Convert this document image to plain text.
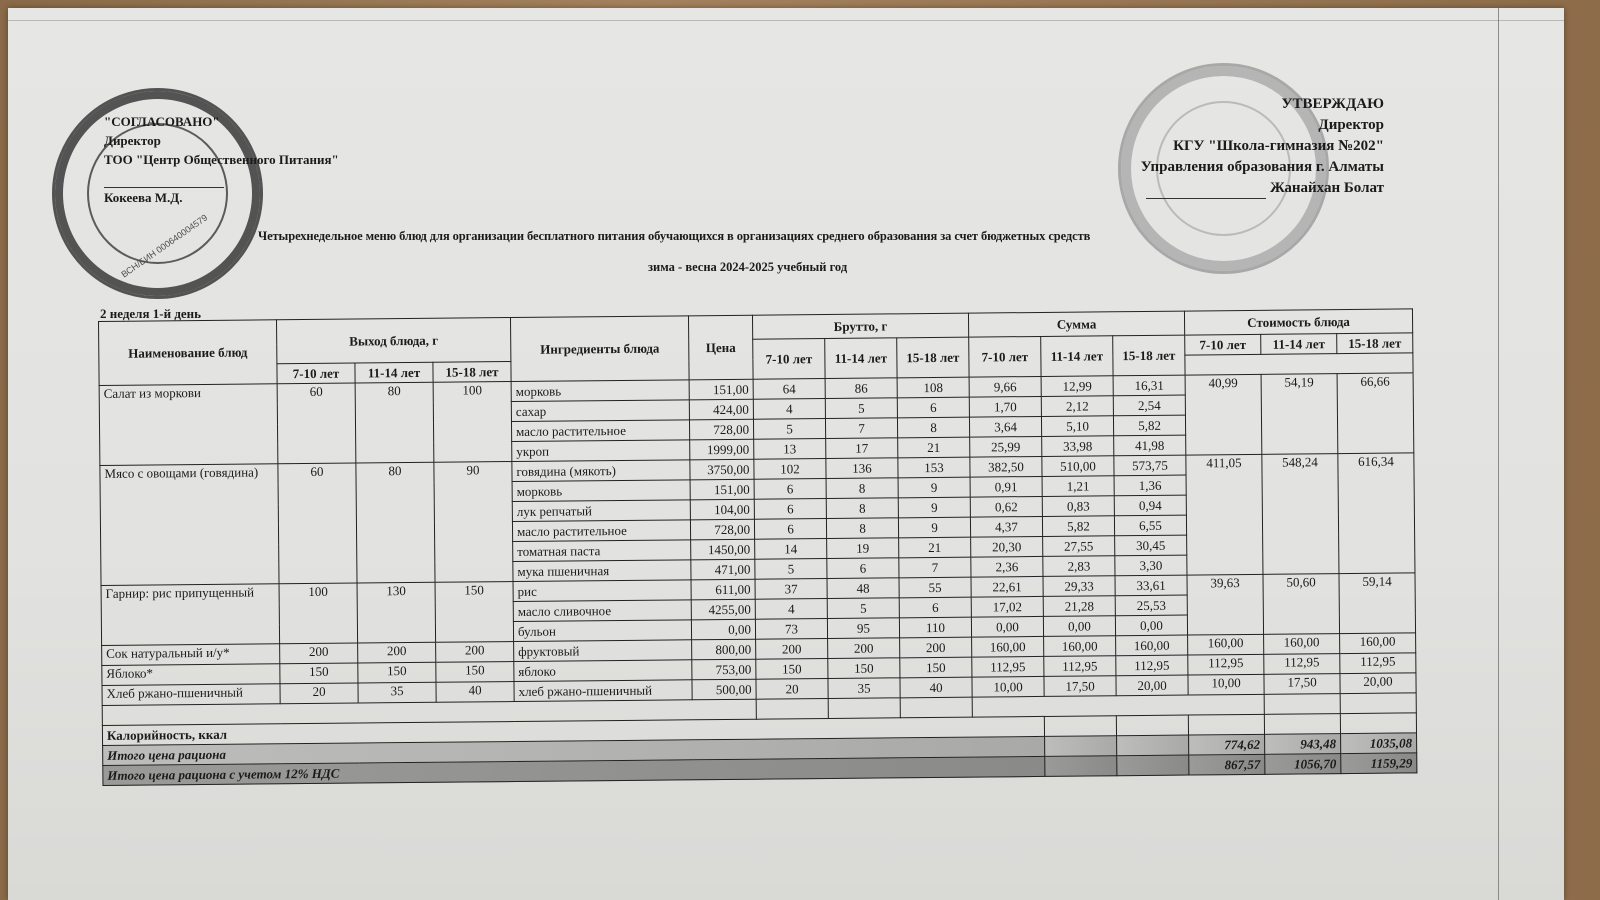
ВСН/БИН 000640004579
"СОГЛАСОВАНО"
Директор
ТОО "Центр Общественного Питания"
Кокеева М.Д.
УТВЕРЖДАЮ
Директор
КГУ "Школа-гимназия №202"
Управления образования г. Алматы
Жанайхан Болат
Четырехнедельное меню блюд для организации бесплатного питания обучающихся в организациях среднего образования за счет бюджетных средств
зима - весна 2024-2025 учебный год
2 неделя 1-й день
Наименование блюд	Выход блюда, г			Ингредиенты блюда	Цена	Брутто, г			Сумма			Стоимость блюда		
						7-10 лет	11-14 лет	15-18 лет	7-10 лет	11-14 лет	15-18 лет	7-10 лет	11-14 лет	15-18 лет
	7-10 лет	11-14 лет	15-18 лет											
Салат из моркови	60	80	100	морковь	151,00	64	86	108	9,66	12,99	16,31	40,99	54,19	66,66
				сахар	424,00	4	5	6	1,70	2,12	2,54			
				масло растительное	728,00	5	7	8	3,64	5,10	5,82			
				укроп	1999,00	13	17	21	25,99	33,98	41,98			
Мясо с овощами (говядина)	60	80	90	говядина (мякоть)	3750,00	102	136	153	382,50	510,00	573,75	411,05	548,24	616,34
				морковь	151,00	6	8	9	0,91	1,21	1,36			
				лук репчатый	104,00	6	8	9	0,62	0,83	0,94			
				масло растительное	728,00	6	8	9	4,37	5,82	6,55			
				томатная паста	1450,00	14	19	21	20,30	27,55	30,45			
				мука пшеничная	471,00	5	6	7	2,36	2,83	3,30			
Гарнир: рис припущенный	100	130	150	рис	611,00	37	48	55	22,61	29,33	33,61	39,63	50,60	59,14
				масло сливочное	4255,00	4	5	6	17,02	21,28	25,53			
				бульон	0,00	73	95	110	0,00	0,00	0,00			
Сок натуральный и/у*	200	200	200	фруктовый	800,00	200	200	200	160,00	160,00	160,00	160,00	160,00	160,00
Яблоко*	150	150	150	яблоко	753,00	150	150	150	112,95	112,95	112,95	112,95	112,95	112,95
Хлеб ржано-пшеничный	20	35	40	хлеб ржано-пшеничный	500,00	20	35	40	10,00	17,50	20,00	10,00	17,50	20,00

Калорийность, ккал														
Итого цена рациона												774,62	943,48	1035,08
Итого цена рациона с учетом 12% НДС												867,57	1056,70	1159,29
